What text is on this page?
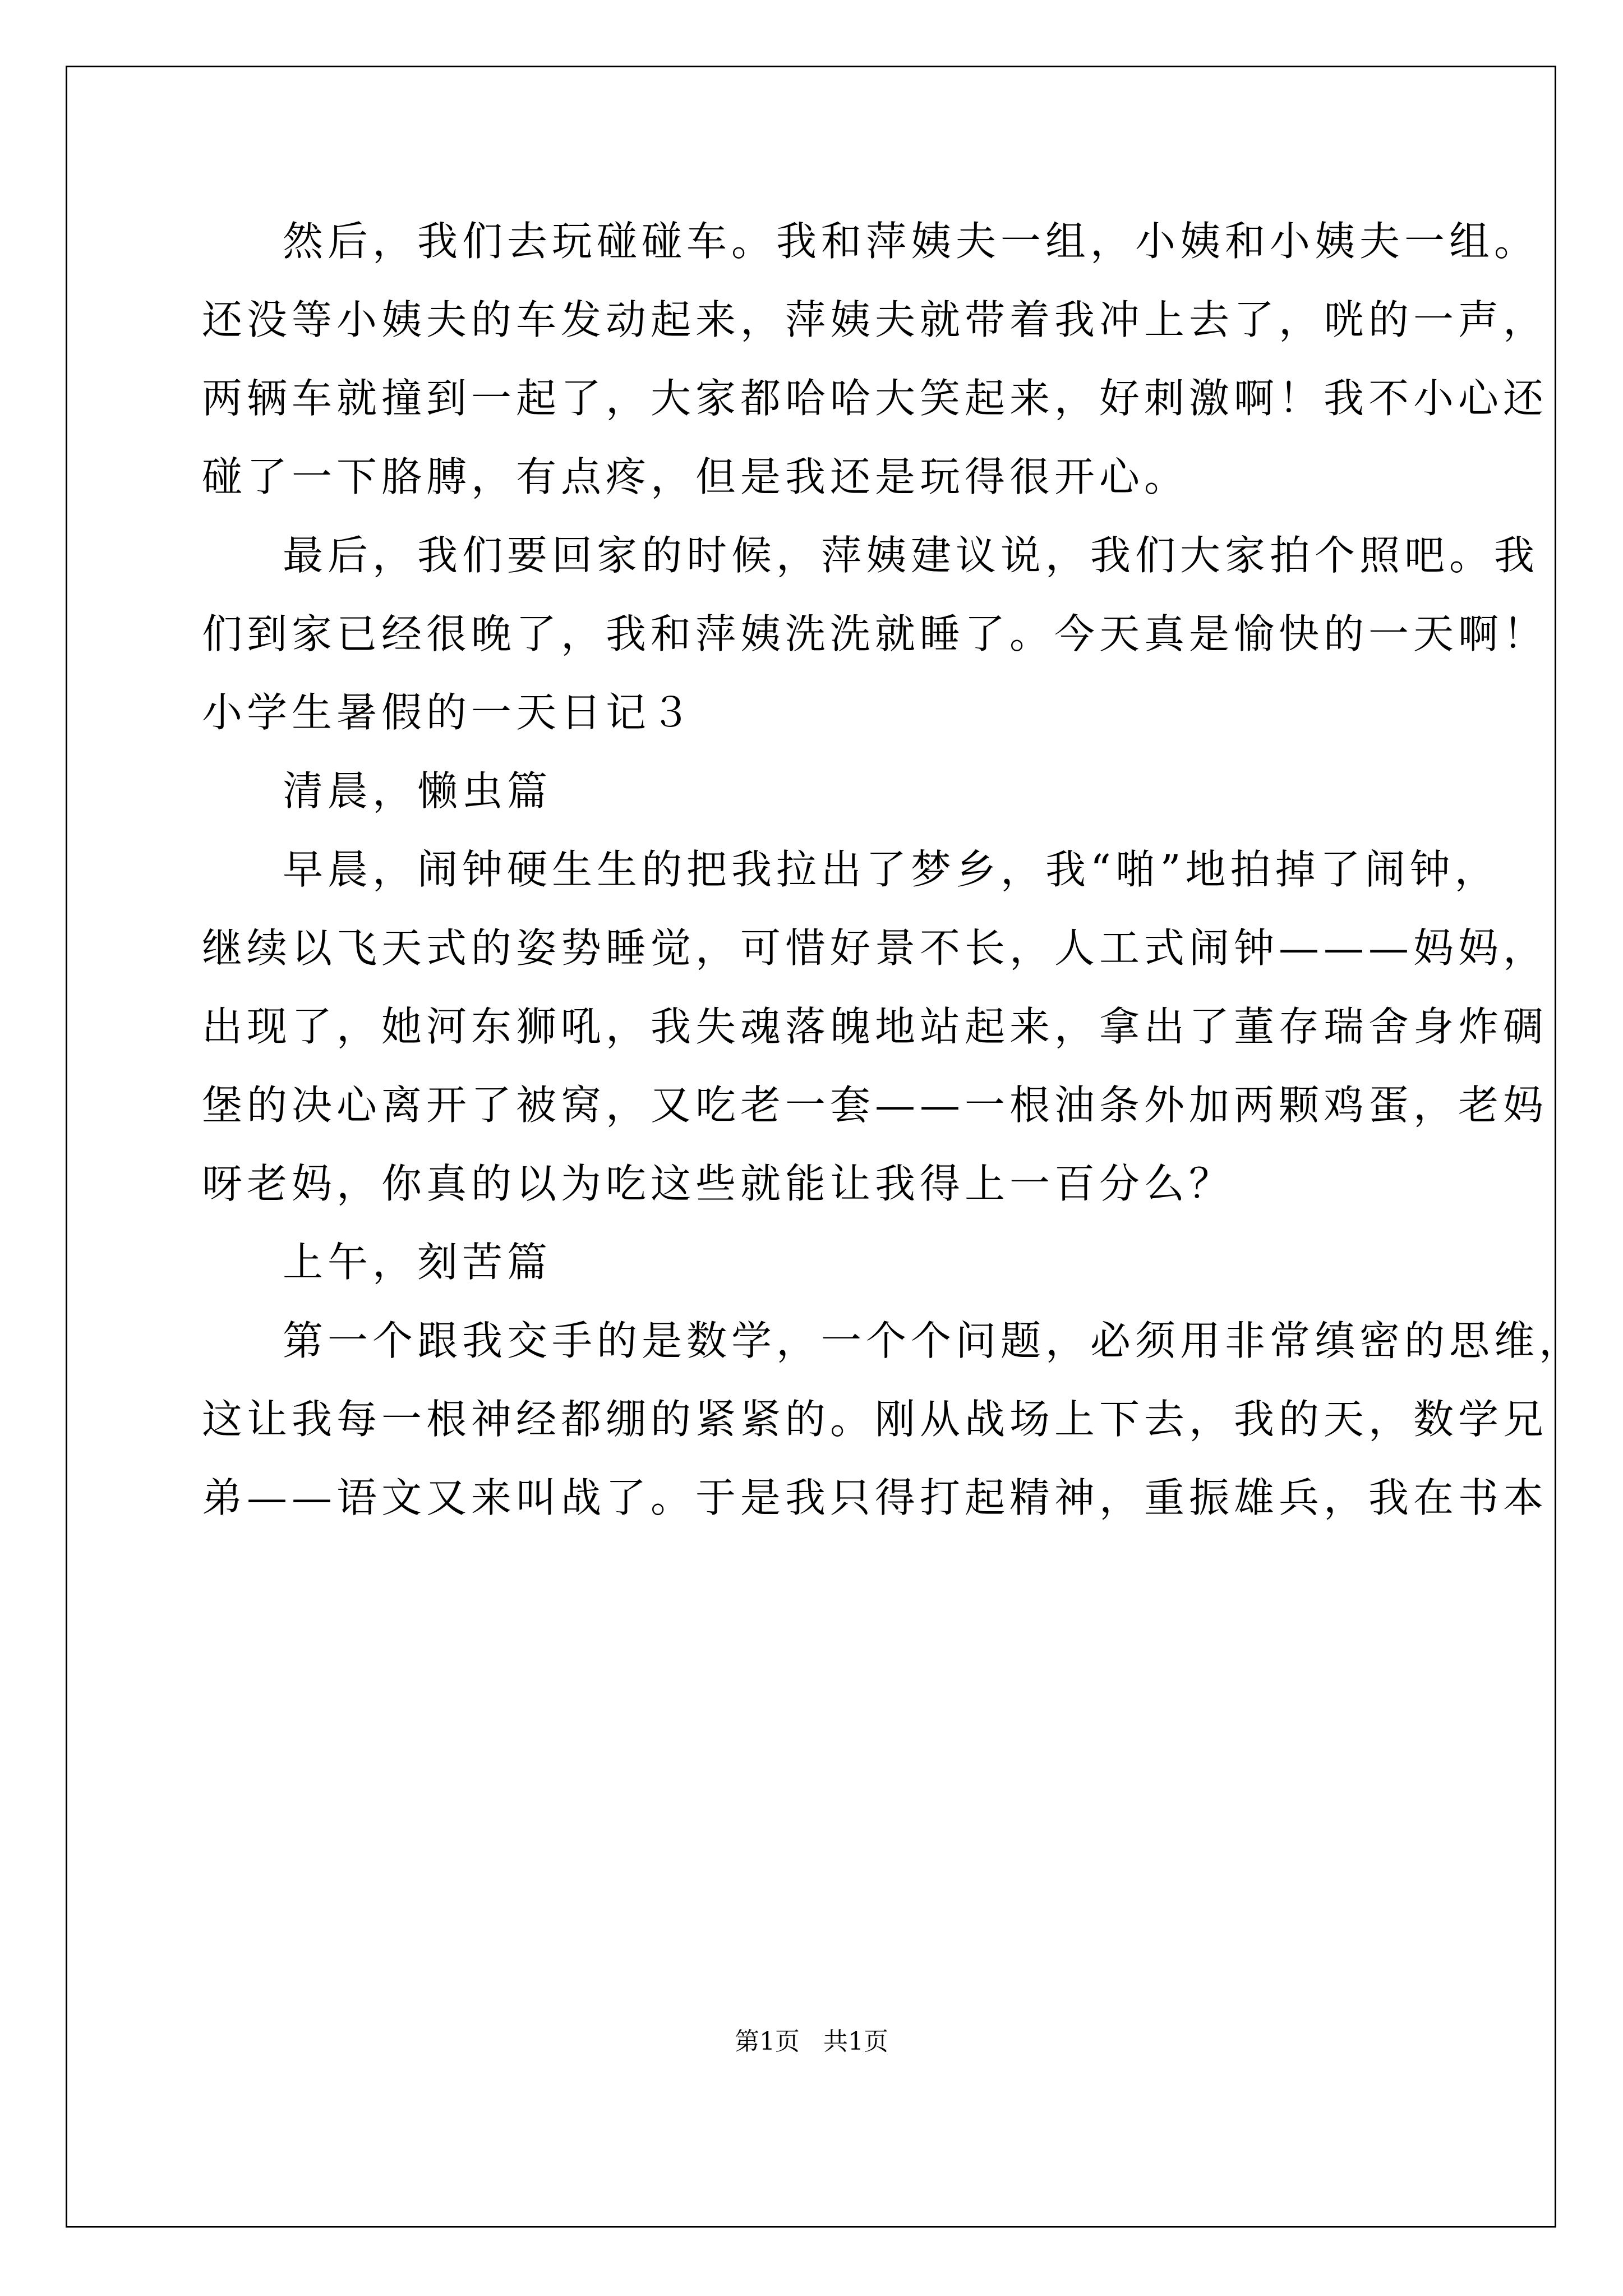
然后，我们去玩碰碰车。我和萍姨夫一组，小姨和小姨夫一组。
还没等小姨夫的车发动起来，萍姨夫就带着我冲上去了，咣的一声，
两辆车就撞到一起了，大家都哈哈大笑起来，好刺激啊！我不小心还
碰了一下胳膊，有点疼，但是我还是玩得很开心。
最后，我们要回家的时候，萍姨建议说，我们大家拍个照吧。我
们到家已经很晚了，我和萍姨洗洗就睡了。今天真是愉快的一天啊！
小学生暑假的一天日记３
清晨，懒虫篇
早晨，闹钟硬生生的把我拉出了梦乡，我“啪”地拍掉了闹钟，
继续以飞天式的姿势睡觉，可惜好景不长，人工式闹钟———妈妈，
出现了，她河东狮吼，我失魂落魄地站起来，拿出了董存瑞舍身炸碉
堡的决心离开了被窝，又吃老一套——一根油条外加两颗鸡蛋，老妈
呀老妈，你真的以为吃这些就能让我得上一百分么？
上午，刻苦篇
第一个跟我交手的是数学，一个个问题，必须用非常缜密的思维，
这让我每一根神经都绷的紧紧的。刚从战场上下去，我的天，数学兄
弟——语文又来叫战了。于是我只得打起精神，重振雄兵，我在书本
第1页   共1页
